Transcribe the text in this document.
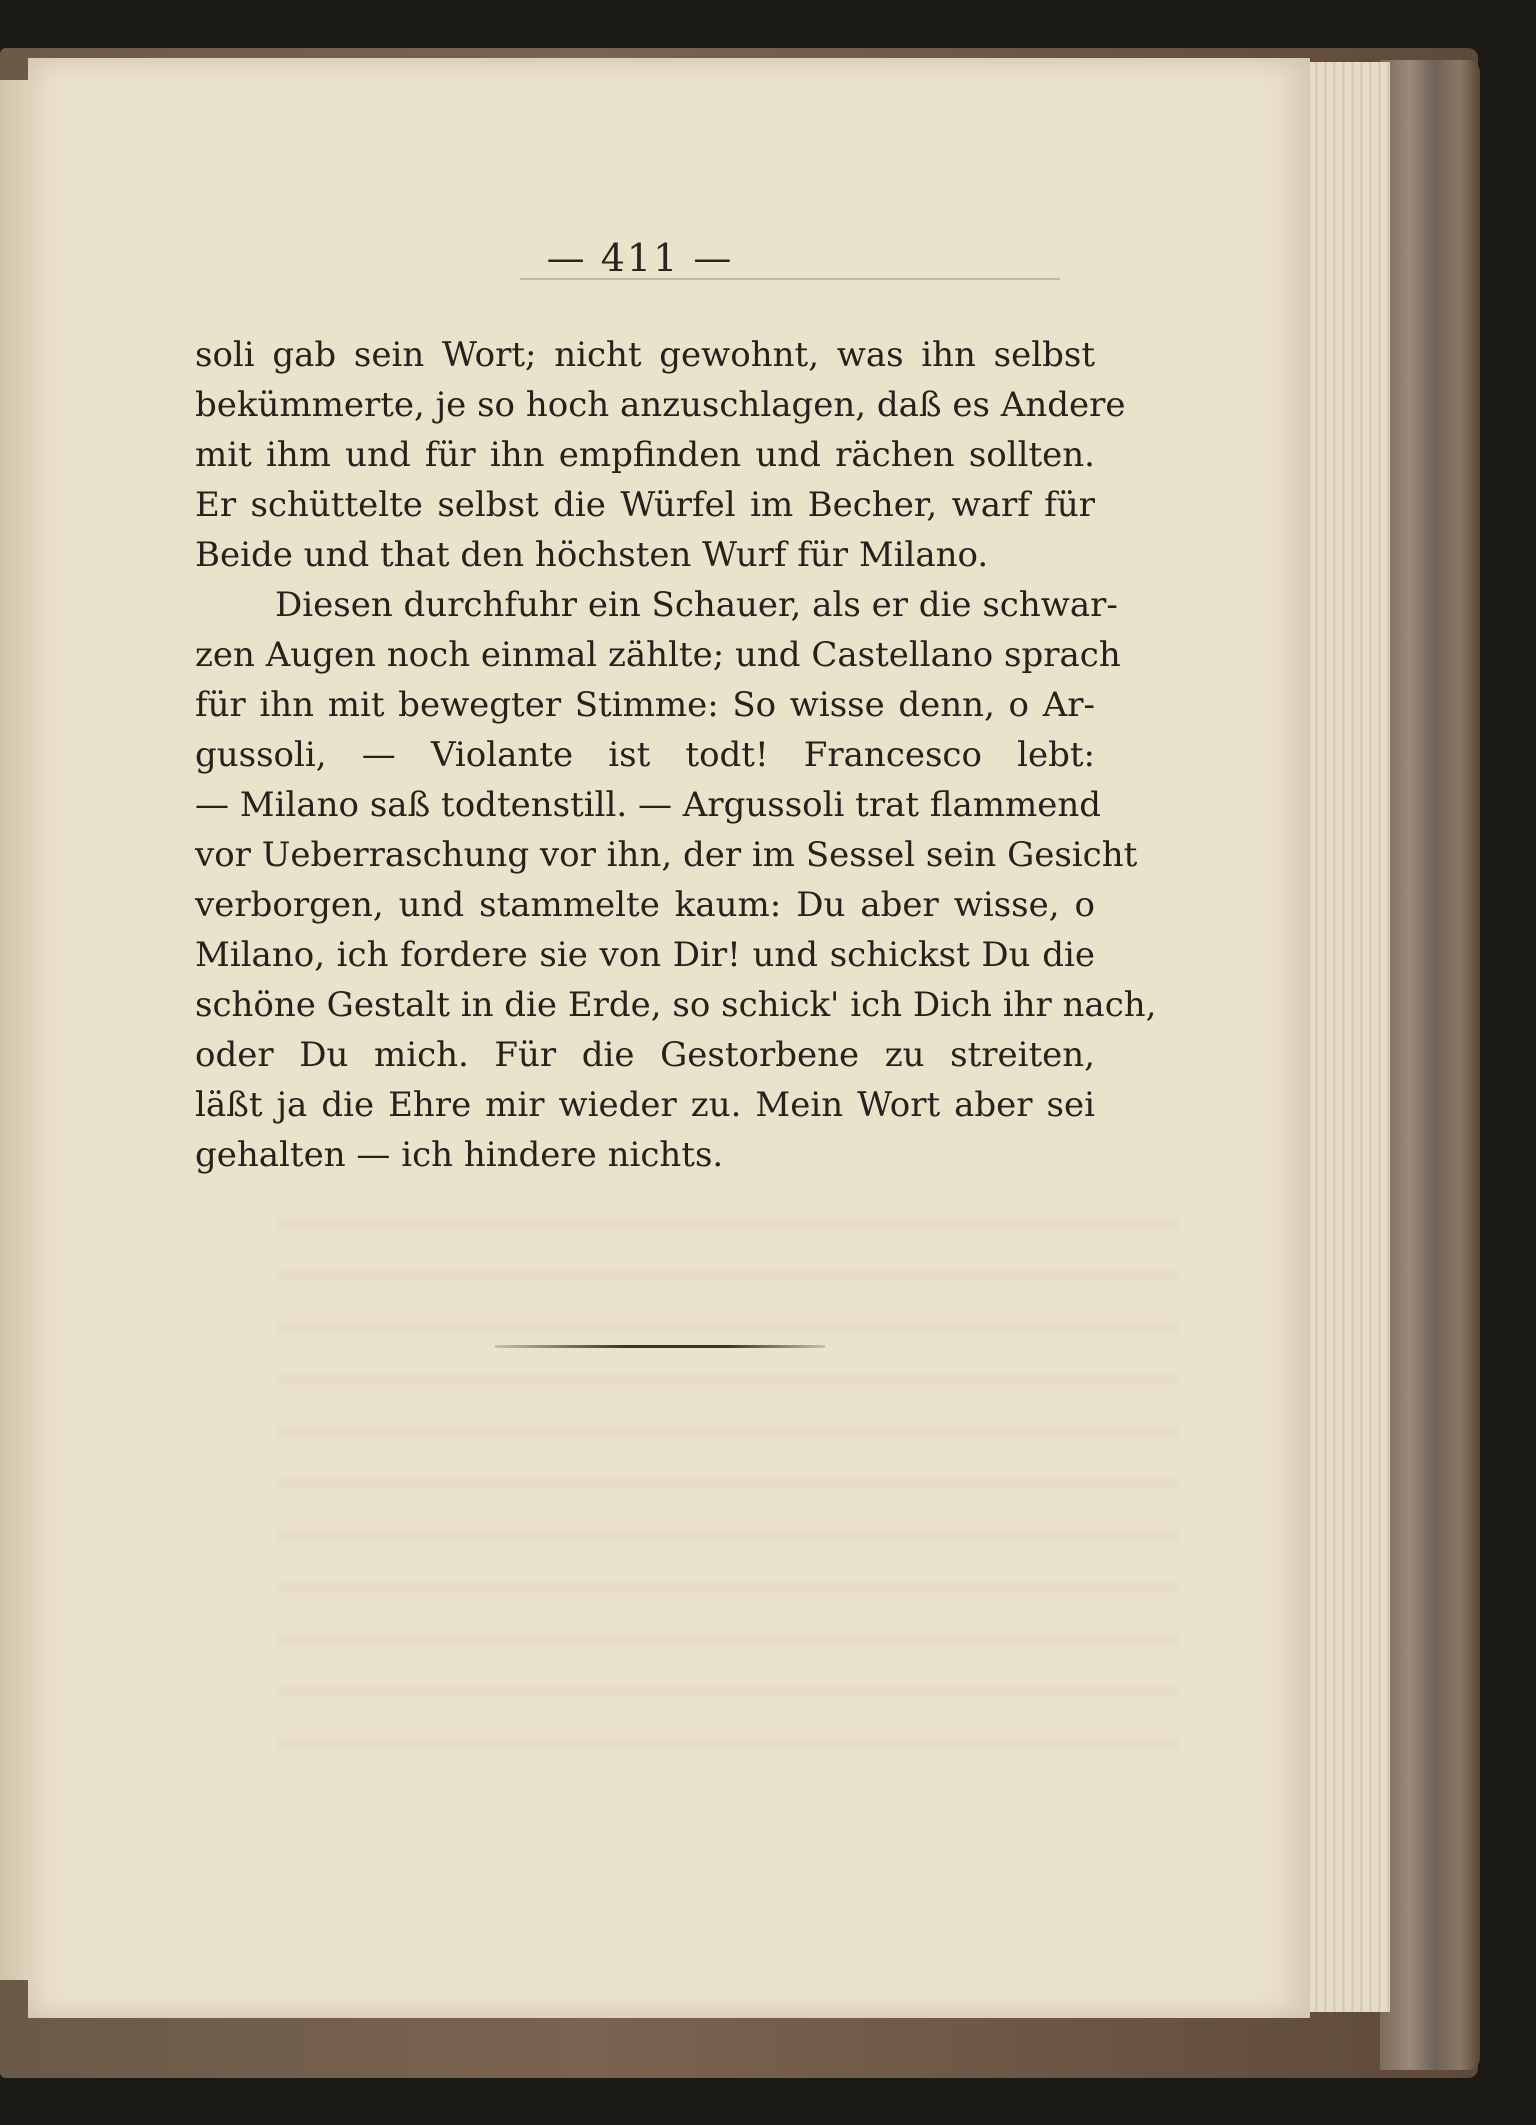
— 411 —
soli gab sein Wort; nicht gewohnt, was ihn selbst
bekümmerte, je so hoch anzuschlagen, daß es Andere
mit ihm und für ihn empfinden und rächen sollten.
Er schüttelte selbst die Würfel im Becher, warf für
Beide und that den höchsten Wurf für Milano.
Diesen durchfuhr ein Schauer, als er die schwar-
zen Augen noch einmal zählte; und Castellano sprach
für ihn mit bewegter Stimme: So wisse denn, o Ar-
gussoli, — Violante ist todt! Francesco lebt:
— Milano saß todtenstill. — Argussoli trat flammend
vor Ueberraschung vor ihn, der im Sessel sein Gesicht
verborgen, und stammelte kaum: Du aber wisse, o
Milano, ich fordere sie von Dir! und schickst Du die
schöne Gestalt in die Erde, so schick' ich Dich ihr nach,
oder Du mich. Für die Gestorbene zu streiten,
läßt ja die Ehre mir wieder zu. Mein Wort aber sei
gehalten — ich hindere nichts.
